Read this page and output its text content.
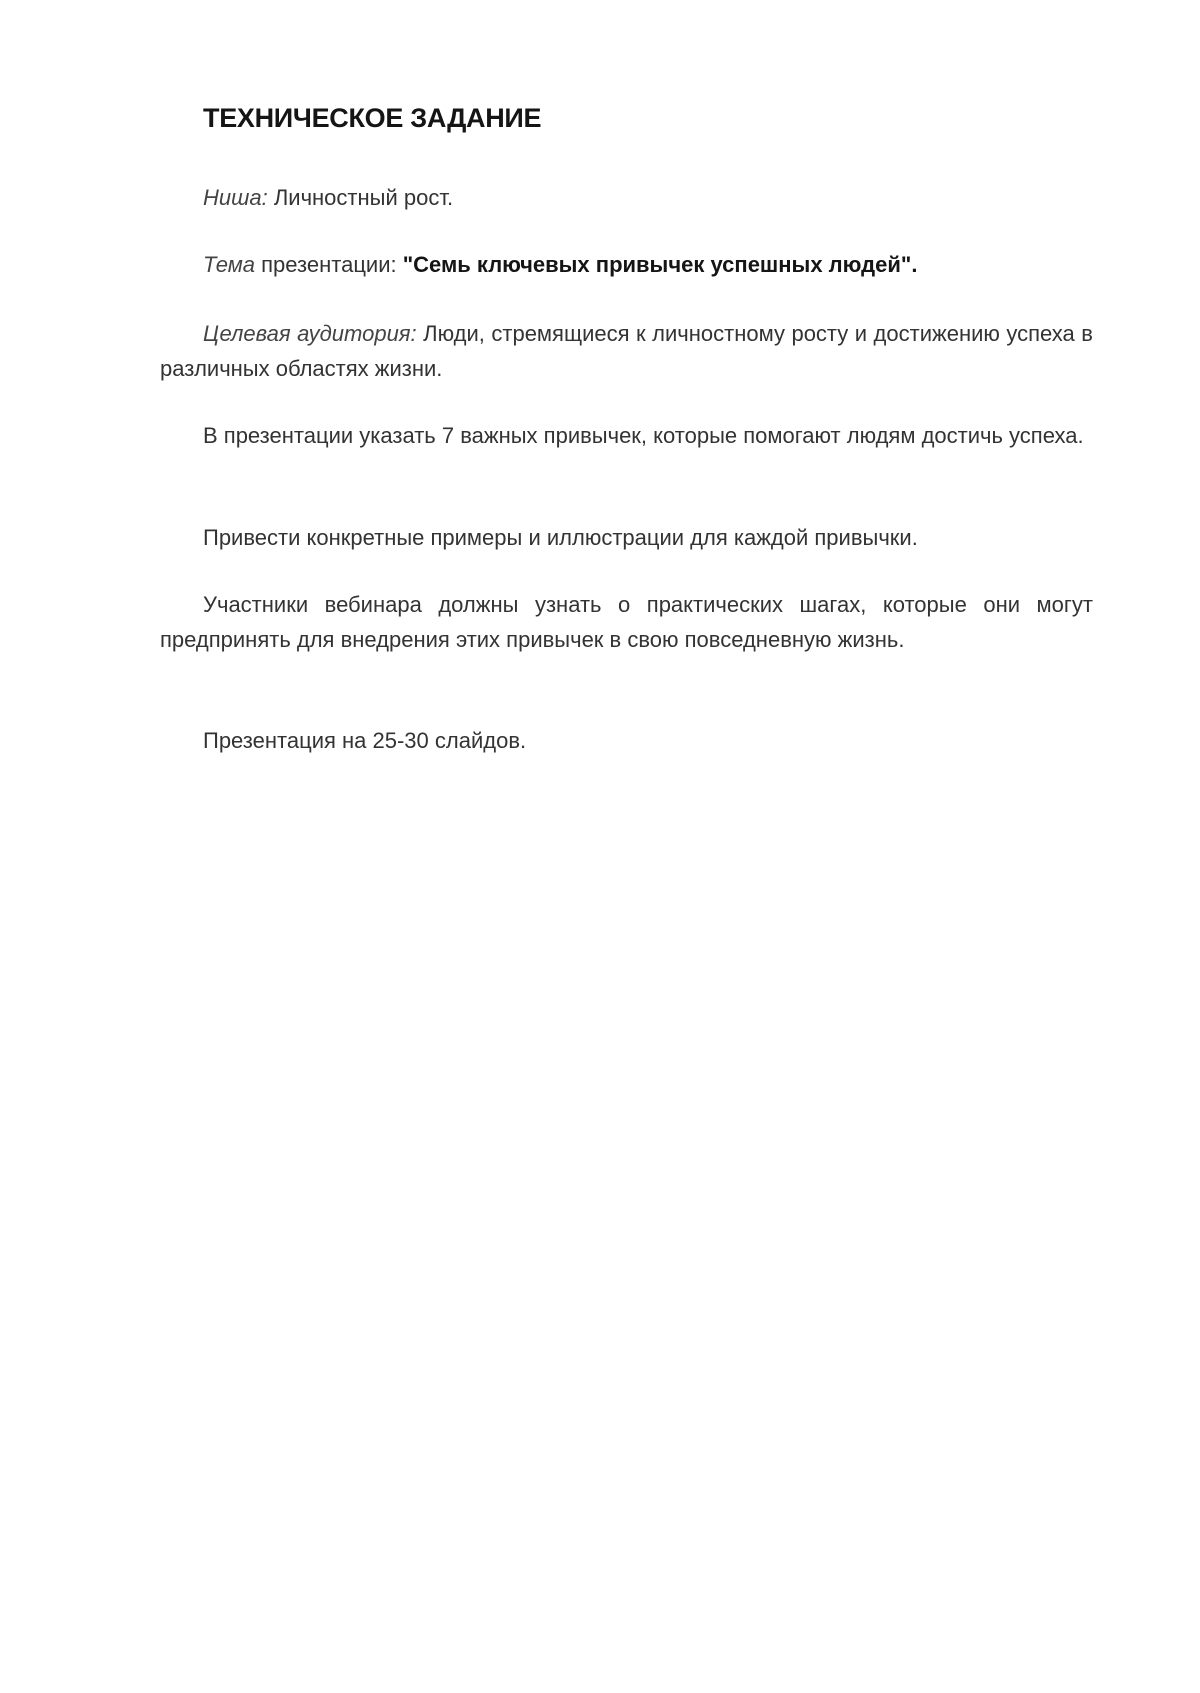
ТЕХНИЧЕСКОЕ ЗАДАНИЕ

Ниша: Личностный рост.

Тема презентации: "Семь ключевых привычек успешных людей".

Целевая аудитория: Люди, стремящиеся к личностному росту и достижению успеха в различных областях жизни.

В презентации указать 7 важных привычек, которые помогают людям достичь успеха.

Привести конкретные примеры и иллюстрации для каждой привычки.

Участники вебинара должны узнать о практических шагах, которые они могут предпринять для внедрения этих привычек в свою повседневную жизнь.

Презентация на 25-30 слайдов.
